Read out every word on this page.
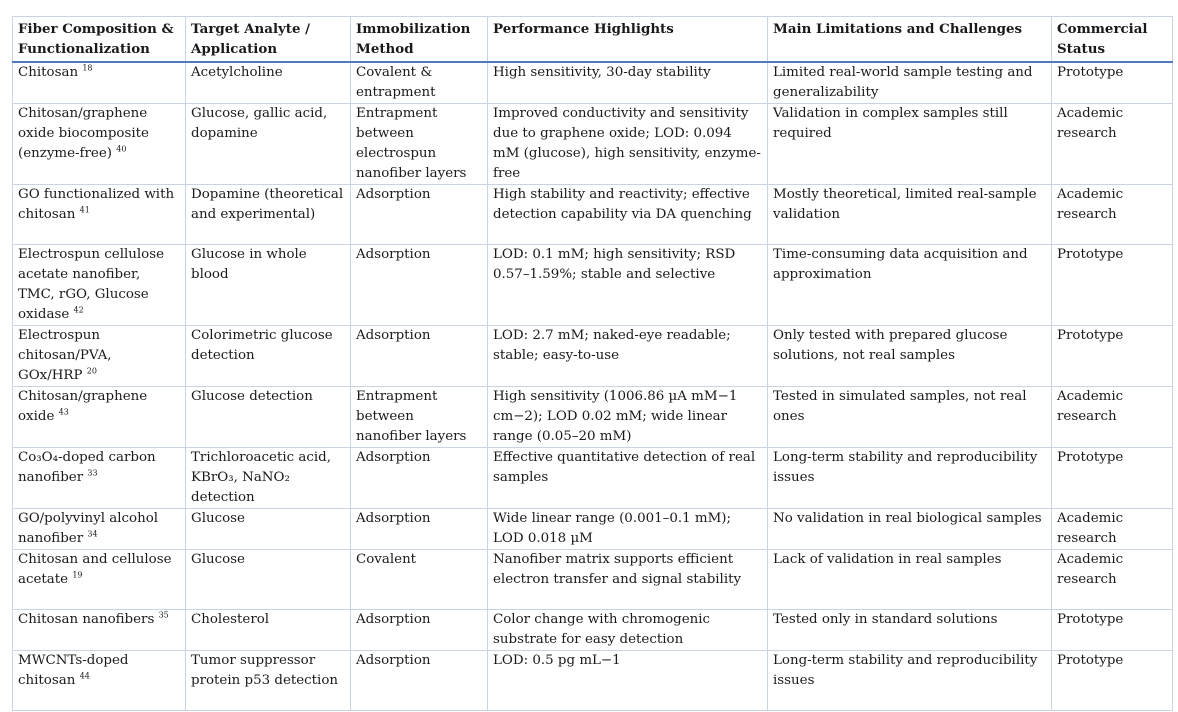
Fiber Composition & Functionalization	Target Analyte / Application	Immobilization Method	Performance Highlights	Main Limitations and Challenges	Commercial Status
Chitosan $^{18}$	Acetylcholine	Covalent & entrapment	High sensitivity, 30-day stability	Limited real-world sample testing and generalizability	Prototype
Chitosan/graphene oxide biocomposite (enzyme-free) $^{40}$	Glucose, gallic acid, dopamine	Entrapment between electrospun nanofiber layers	Improved conductivity and sensitivity due to graphene oxide; LOD: 0.094 mM (glucose), high sensitivity, enzyme-free	Validation in complex samples still required	Academic research
GO functionalized with chitosan $^{41}$	Dopamine (theoretical and experimental)	Adsorption	High stability and reactivity; effective detection capability via DA quenching	Mostly theoretical, limited real-sample validation	Academic research
Electrospun cellulose acetate nanofiber, TMC, rGO, Glucose oxidase $^{42}$	Glucose in whole blood	Adsorption	LOD: 0.1 mM; high sensitivity; RSD 0.57–1.59%; stable and selective	Time-consuming data acquisition and approximation	Prototype
Electrospun chitosan/PVA, GOx/HRP $^{20}$	Colorimetric glucose detection	Adsorption	LOD: 2.7 mM; naked-eye readable; stable; easy-to-use	Only tested with prepared glucose solutions, not real samples	Prototype
Chitosan/graphene oxide $^{43}$	Glucose detection	Entrapment between nanofiber layers	High sensitivity (1006.86 µA mM−1 cm−2); LOD 0.02 mM; wide linear range (0.05–20 mM)	Tested in simulated samples, not real ones	Academic research
Co₃O₄-doped carbon nanofiber $^{33}$	Trichloroacetic acid, KBrO₃, NaNO₂ detection	Adsorption	Effective quantitative detection of real samples	Long-term stability and reproducibility issues	Prototype
GO/polyvinyl alcohol nanofiber $^{34}$	Glucose	Adsorption	Wide linear range (0.001–0.1 mM); LOD 0.018 µM	No validation in real biological samples	Academic research
Chitosan and cellulose acetate $^{19}$	Glucose	Covalent	Nanofiber matrix supports efficient electron transfer and signal stability	Lack of validation in real samples	Academic research
Chitosan nanofibers $^{35}$	Cholesterol	Adsorption	Color change with chromogenic substrate for easy detection	Tested only in standard solutions	Prototype
MWCNTs-doped chitosan $^{44}$	Tumor suppressor protein p53 detection	Adsorption	LOD: 0.5 pg mL−1	Long-term stability and reproducibility issues	Prototype
